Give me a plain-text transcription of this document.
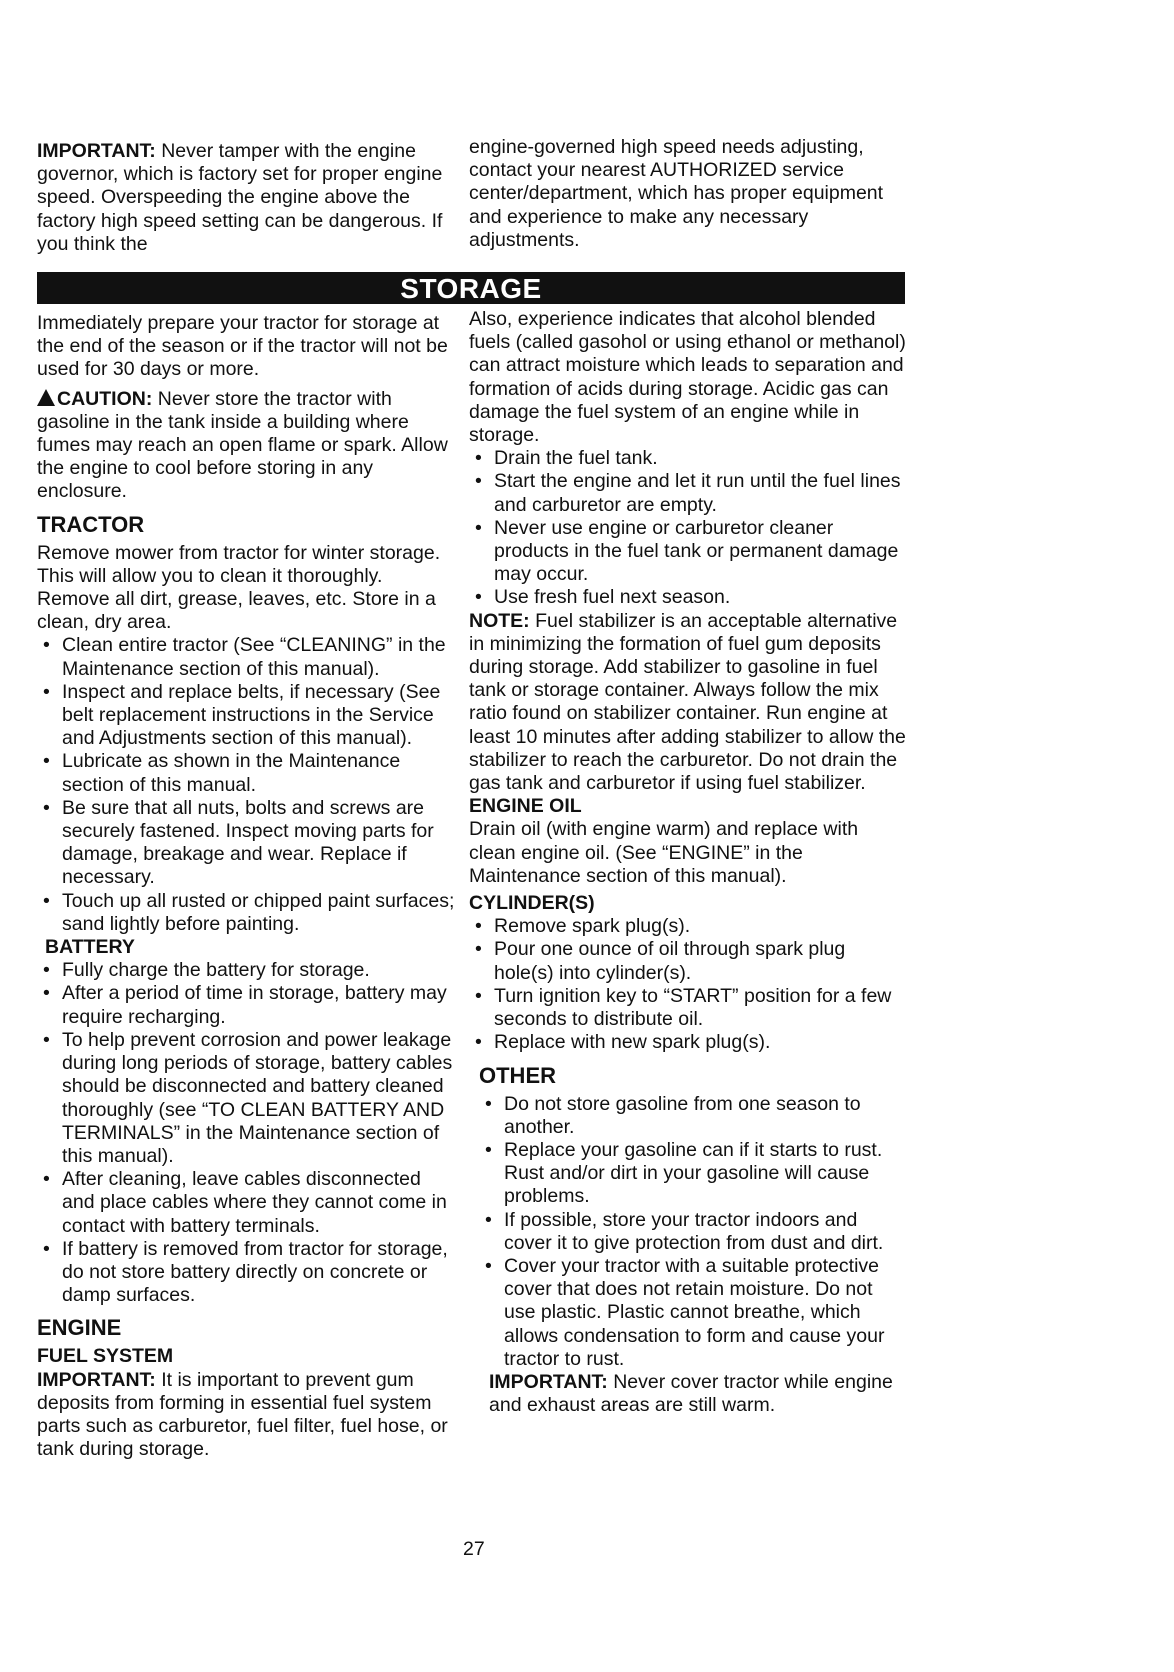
IMPORTANT: Never tamper with the engine governor, which is factory set for proper engine speed. Overspeeding the engine above the factory high speed setting can be dangerous. If you think the

engine-governed high speed needs adjusting, contact your nearest AUTHORIZED service center/department, which has proper equipment and experience to make any necessary adjustments.

STORAGE

Immediately prepare your tractor for storage at the end of the season or if the tractor will not be used for 30 days or more.

CAUTION: Never store the tractor with gasoline in the tank inside a building where fumes may reach an open flame or spark. Allow the engine to cool before storing in any enclosure.

TRACTOR

Remove mower from tractor for winter storage. This will allow you to clean it thoroughly. Remove all dirt, grease, leaves, etc. Store in a clean, dry area.

• Clean entire tractor (See “CLEANING” in the Maintenance section of this manual).
• Inspect and replace belts, if necessary (See belt replacement instructions in the Service and Adjustments section of this manual).
• Lubricate as shown in the Maintenance section of this manual.
• Be sure that all nuts, bolts and screws are securely fastened. Inspect moving parts for damage, breakage and wear. Replace if necessary.
• Touch up all rusted or chipped paint surfaces; sand lightly before painting.
BATTERY
• Fully charge the battery for storage.
• After a period of time in storage, battery may require recharging.
• To help prevent corrosion and power leakage during long periods of storage, battery cables should be disconnected and battery cleaned thoroughly (see “TO CLEAN BATTERY AND TERMINALS” in the Maintenance section of this manual).
• After cleaning, leave cables disconnected and place cables where they cannot come in contact with battery terminals.
• If battery is removed from tractor for storage, do not store battery directly on concrete or damp surfaces.
ENGINE
FUEL SYSTEM

IMPORTANT: It is important to prevent gum deposits from forming in essential fuel system parts such as carburetor, fuel filter, fuel hose, or tank during storage.

Also, experience indicates that alcohol blended fuels (called gasohol or using ethanol or methanol) can attract moisture which leads to separation and formation of acids during storage. Acidic gas can damage the fuel system of an engine while in storage.

• Drain the fuel tank.
• Start the engine and let it run until the fuel lines and carburetor are empty.
• Never use engine or carburetor cleaner products in the fuel tank or permanent damage may occur.
• Use fresh fuel next season.

NOTE: Fuel stabilizer is an acceptable alternative in minimizing the formation of fuel gum deposits during storage. Add stabilizer to gasoline in fuel tank or storage container. Always follow the mix ratio found on stabilizer container. Run engine at least 10 minutes after adding stabilizer to allow the stabilizer to reach the carburetor. Do not drain the gas tank and carburetor if using fuel stabilizer.

ENGINE OIL

Drain oil (with engine warm) and replace with clean engine oil. (See “ENGINE” in the Maintenance section of this manual).

CYLINDER(S)
• Remove spark plug(s).
• Pour one ounce of oil through spark plug hole(s) into cylinder(s).
• Turn ignition key to “START” position for a few seconds to distribute oil.
• Replace with new spark plug(s).
OTHER
• Do not store gasoline from one season to another.
• Replace your gasoline can if it starts to rust. Rust and/or dirt in your gasoline will cause problems.
• If possible, store your tractor indoors and cover it to give protection from dust and dirt.
• Cover your tractor with a suitable protective cover that does not retain moisture. Do not use plastic. Plastic cannot breathe, which allows condensation to form and cause your tractor to rust.

IMPORTANT: Never cover tractor while engine and exhaust areas are still warm.

27
